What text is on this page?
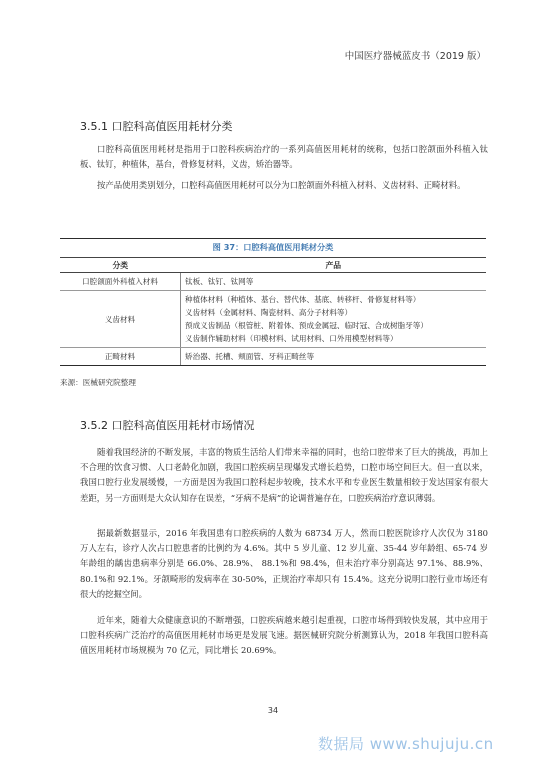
中国医疗器械蓝皮书（2019 版）
3.5.1 口腔科高值医用耗材分类

口腔科高值医用耗材是指用于口腔科疾病治疗的一系列高值医用耗材的统称，包括口腔颌面外科植入钛板、钛钉，种植体，基台，骨修复材料，义齿，矫治器等。

按产品使用类别划分，口腔科高值医用耗材可以分为口腔颌面外科植入材料、义齿材料、正畸材料。

图 37：口腔科高值医用耗材分类
分类	产品
口腔颌面外科植入材料	钛板、钛钉、钛网等

义齿材料	种植体材料（种植体、基台、替代体、基底、转移杆、骨修复材料等）
义齿材料（金属材料、陶瓷材料、高分子材料等）
预成义齿制品（根管桩、附着体、预成金属冠、临时冠、合成树脂牙等）
义齿制作辅助材料（印模材料、试用材料、口外用模型材料等）

正畸材料	矫治器、托槽、颊面管、牙科正畸丝等
来源：医械研究院整理
3.5.2 口腔科高值医用耗材市场情况

随着我国经济的不断发展，丰富的物质生活给人们带来幸福的同时，也给口腔带来了巨大的挑战，再加上不合理的饮食习惯、人口老龄化加剧，我国口腔疾病呈现爆发式增长趋势，口腔市场空间巨大。但一直以来，我国口腔行业发展缓慢，一方面是因为我国口腔科起步较晚，技术水平和专业医生数量相较于发达国家有很大差距，另一方面则是大众认知存在误差，“牙病不是病”的论调普遍存在，口腔疾病治疗意识薄弱。

据最新数据显示，2016 年我国患有口腔疾病的人数为 68734 万人，然而口腔医院诊疗人次仅为 3180 万人左右，诊疗人次占口腔患者的比例约为 4.6%。其中 5 岁儿童、12 岁儿童、35-44 岁年龄组、65-74 岁年龄组的龋齿患病率分别是 66.0%、28.9%、 88.1%和 98.4%，但未治疗率分别高达 97.1%、88.9%、80.1%和 92.1%。牙颌畸形的发病率在 30-50%，正规治疗率却只有 15.4%。这充分说明口腔行业市场还有很大的挖掘空间。

近年来，随着大众健康意识的不断增强，口腔疾病越来越引起重视，口腔市场得到较快发展，其中应用于口腔科疾病广泛治疗的高值医用耗材市场更是发展飞速。据医械研究院分析测算认为，2018 年我国口腔科高值医用耗材市场规模为 70 亿元，同比增长 20.69%。

34
数据局 www.shujuju.cn
